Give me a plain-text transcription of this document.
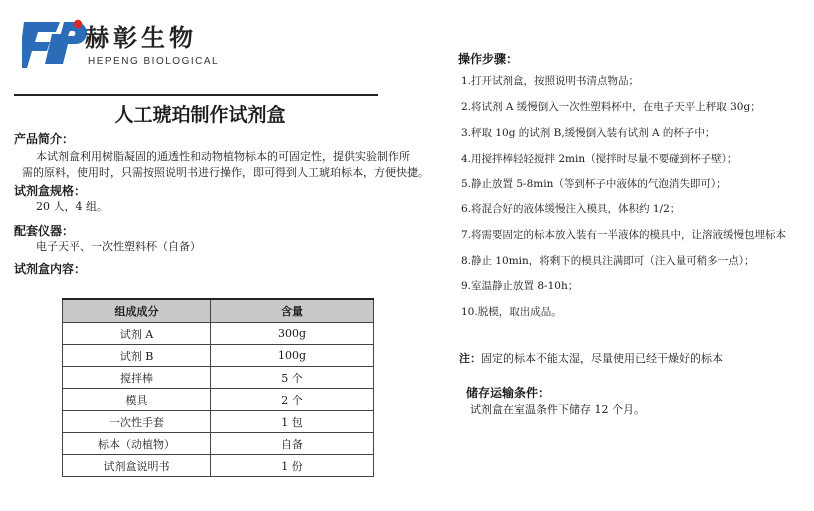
赫彰生物
HEPENG BIOLOGICAL
人工琥珀制作试剂盒
产品简介：
本试剂盒利用树脂凝固的通透性和动物植物标本的可固定性，提供实验制作所
需的原料，使用时，只需按照说明书进行操作，即可得到人工琥珀标本，方便快捷。
试剂盒规格：
20 人，4 组。
配套仪器：
电子天平、一次性塑料杯（自备）
试剂盒内容：
组成成分	含量
试剂 A	300g
试剂 B	100g
搅拌棒	5 个
模具	2 个
一次性手套	1 包
标本（动植物）	自备
试剂盒说明书	1 份
操作步骤：
1.打开试剂盒，按照说明书清点物品；
2.将试剂 A 缓慢倒入一次性塑料杯中，在电子天平上秤取 30g；
3.秤取 10g 的试剂 B,缓慢倒入装有试剂 A 的杯子中；
4.用搅拌棒轻轻搅拌 2min（搅拌时尽量不要碰到杯子壁）；
5.静止放置 5-8min（等到杯子中液体的气泡消失即可）；
6.将混合好的液体缓慢注入模具，体积约 1/2；
7.将需要固定的标本放入装有一半液体的模具中，让溶液缓慢包埋标本
8.静止 10min，将剩下的模具注满即可（注入量可稍多一点）；
9.室温静止放置 8-10h；
10.脱模，取出成品。
注：固定的标本不能太湿，尽量使用已经干燥好的标本
储存运输条件：
试剂盒在室温条件下储存 12 个月。
